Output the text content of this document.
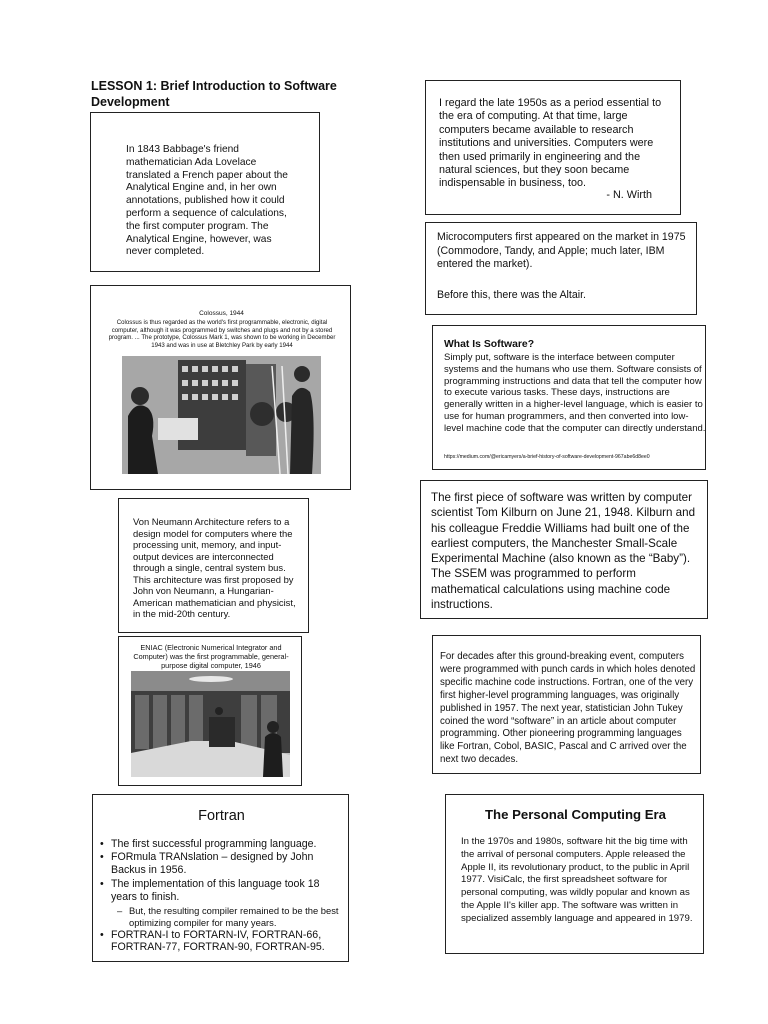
LESSON 1: Brief Introduction to Software Development
In 1843 Babbage's friend mathematician Ada Lovelace translated a French paper about the Analytical Engine and, in her own annotations, published how it could perform a sequence of calculations, the first computer program. The Analytical Engine, however, was never completed.
I regard the late 1950s as a period essential to the era of computing. At that time, large computers became available to research institutions and universities. Computers were then used primarily in engineering and the natural sciences, but they soon became indispensable in business, too.
- N. Wirth
Microcomputers first appeared on the market in 1975 (Commodore, Tandy, and Apple; much later, IBM entered the market).
Before this, there was the Altair.
Colossus, 1944
Colossus is thus regarded as the world's first programmable, electronic, digital computer, although it was programmed by switches and plugs and not by a stored program. ... The prototype, Colossus Mark 1, was shown to be working in December 1943 and was in use at Bletchley Park by early 1944	What Is Software?
Simply put, software is the interface between computer systems and the humans who use them. Software consists of programming instructions and data that tell the computer how to execute various tasks. These days, instructions are generally written in a higher-level language, which is easier to use for human programmers, and then converted into low-level machine code that the computer can directly understand.
https://medium.com/@ericamyers/a-brief-history-of-software-development-967abe6d8ee0
The first piece of software was written by computer scientist Tom Kilburn on June 21, 1948. Kilburn and his colleague Freddie Williams had built one of the earliest computers, the Manchester Small-Scale Experimental Machine (also known as the “Baby”). The SSEM was programmed to perform mathematical calculations using machine code instructions.
Von Neumann Architecture refers to a design model for computers where the processing unit, memory, and input-output devices are interconnected through a single, central system bus. This architecture was first proposed by John von Neumann, a Hungarian-American mathematician and physicist, in the mid-20th century.
ENIAC (Electronic Numerical Integrator and Computer) was the first programmable, general-purpose digital computer, 1946
For decades after this ground-breaking event, computers were programmed with punch cards in which holes denoted specific machine code instructions. Fortran, one of the very first higher-level programming languages, was originally published in 1957. The next year, statistician John Tukey coined the word “software” in an article about computer programming. Other pioneering programming languages like Fortran, Cobol, BASIC, Pascal and C arrived over the next two decades.
Fortran
• The first successful programming language.
• FORmula TRANslation – designed by John Backus in 1956.
• The implementation of this language took 18 years to finish.
– But, the resulting compiler remained to be the best optimizing compiler for many years.
• FORTRAN-I to FORTARN-IV, FORTRAN-66, FORTRAN-77, FORTRAN-90, FORTRAN-95.
The Personal Computing Era
In the 1970s and 1980s, software hit the big time with the arrival of personal computers. Apple released the Apple II, its revolutionary product, to the public in April 1977. VisiCalc, the first spreadsheet software for personal computing, was wildly popular and known as the Apple II's killer app. The software was written in specialized assembly language and appeared in 1979.
